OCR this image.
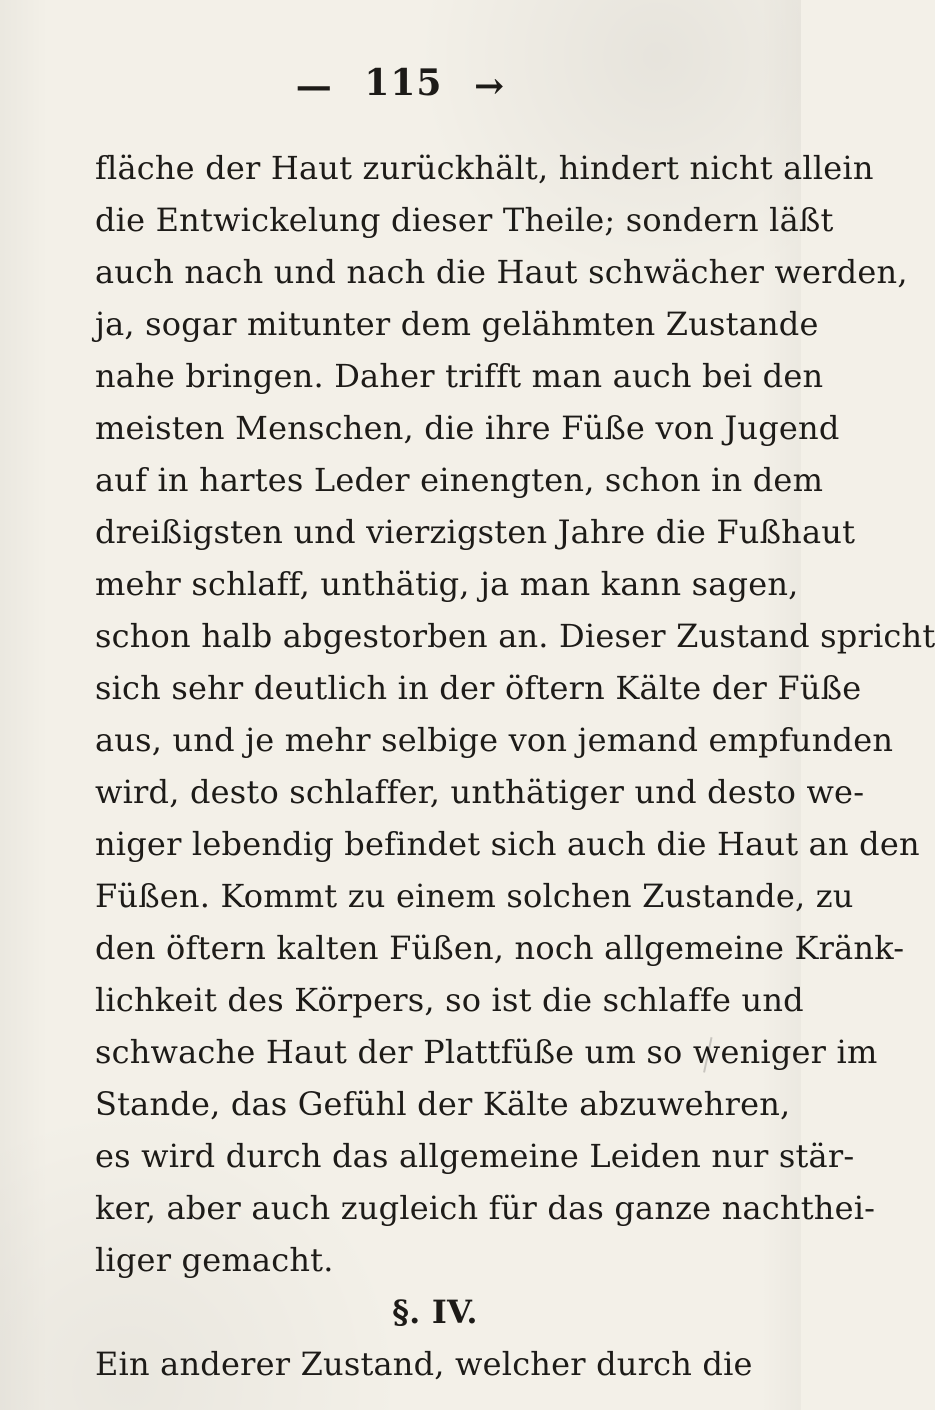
— 115 →
fläche der Haut zurückhält, hindert nicht allein
die Entwickelung dieser Theile; sondern läßt
auch nach und nach die Haut schwächer werden,
ja, sogar mitunter dem gelähmten Zustande
nahe bringen. Daher trifft man auch bei den
meisten Menschen, die ihre Füße von Jugend
auf in hartes Leder einengten, schon in dem
dreißigsten und vierzigsten Jahre die Fußhaut
mehr schlaff, unthätig, ja man kann sagen,
schon halb abgestorben an. Dieser Zustand spricht
sich sehr deutlich in der öftern Kälte der Füße
aus, und je mehr selbige von jemand empfunden
wird, desto schlaffer, unthätiger und desto we-
niger lebendig befindet sich auch die Haut an den
Füßen. Kommt zu einem solchen Zustande, zu
den öftern kalten Füßen, noch allgemeine Kränk-
lichkeit des Körpers, so ist die schlaffe und
schwache Haut der Plattfüße um so weniger im
Stande, das Gefühl der Kälte abzuwehren,
es wird durch das allgemeine Leiden nur stär-
ker, aber auch zugleich für das ganze nachthei-
liger gemacht.
§. IV.
Ein anderer Zustand, welcher durch die
